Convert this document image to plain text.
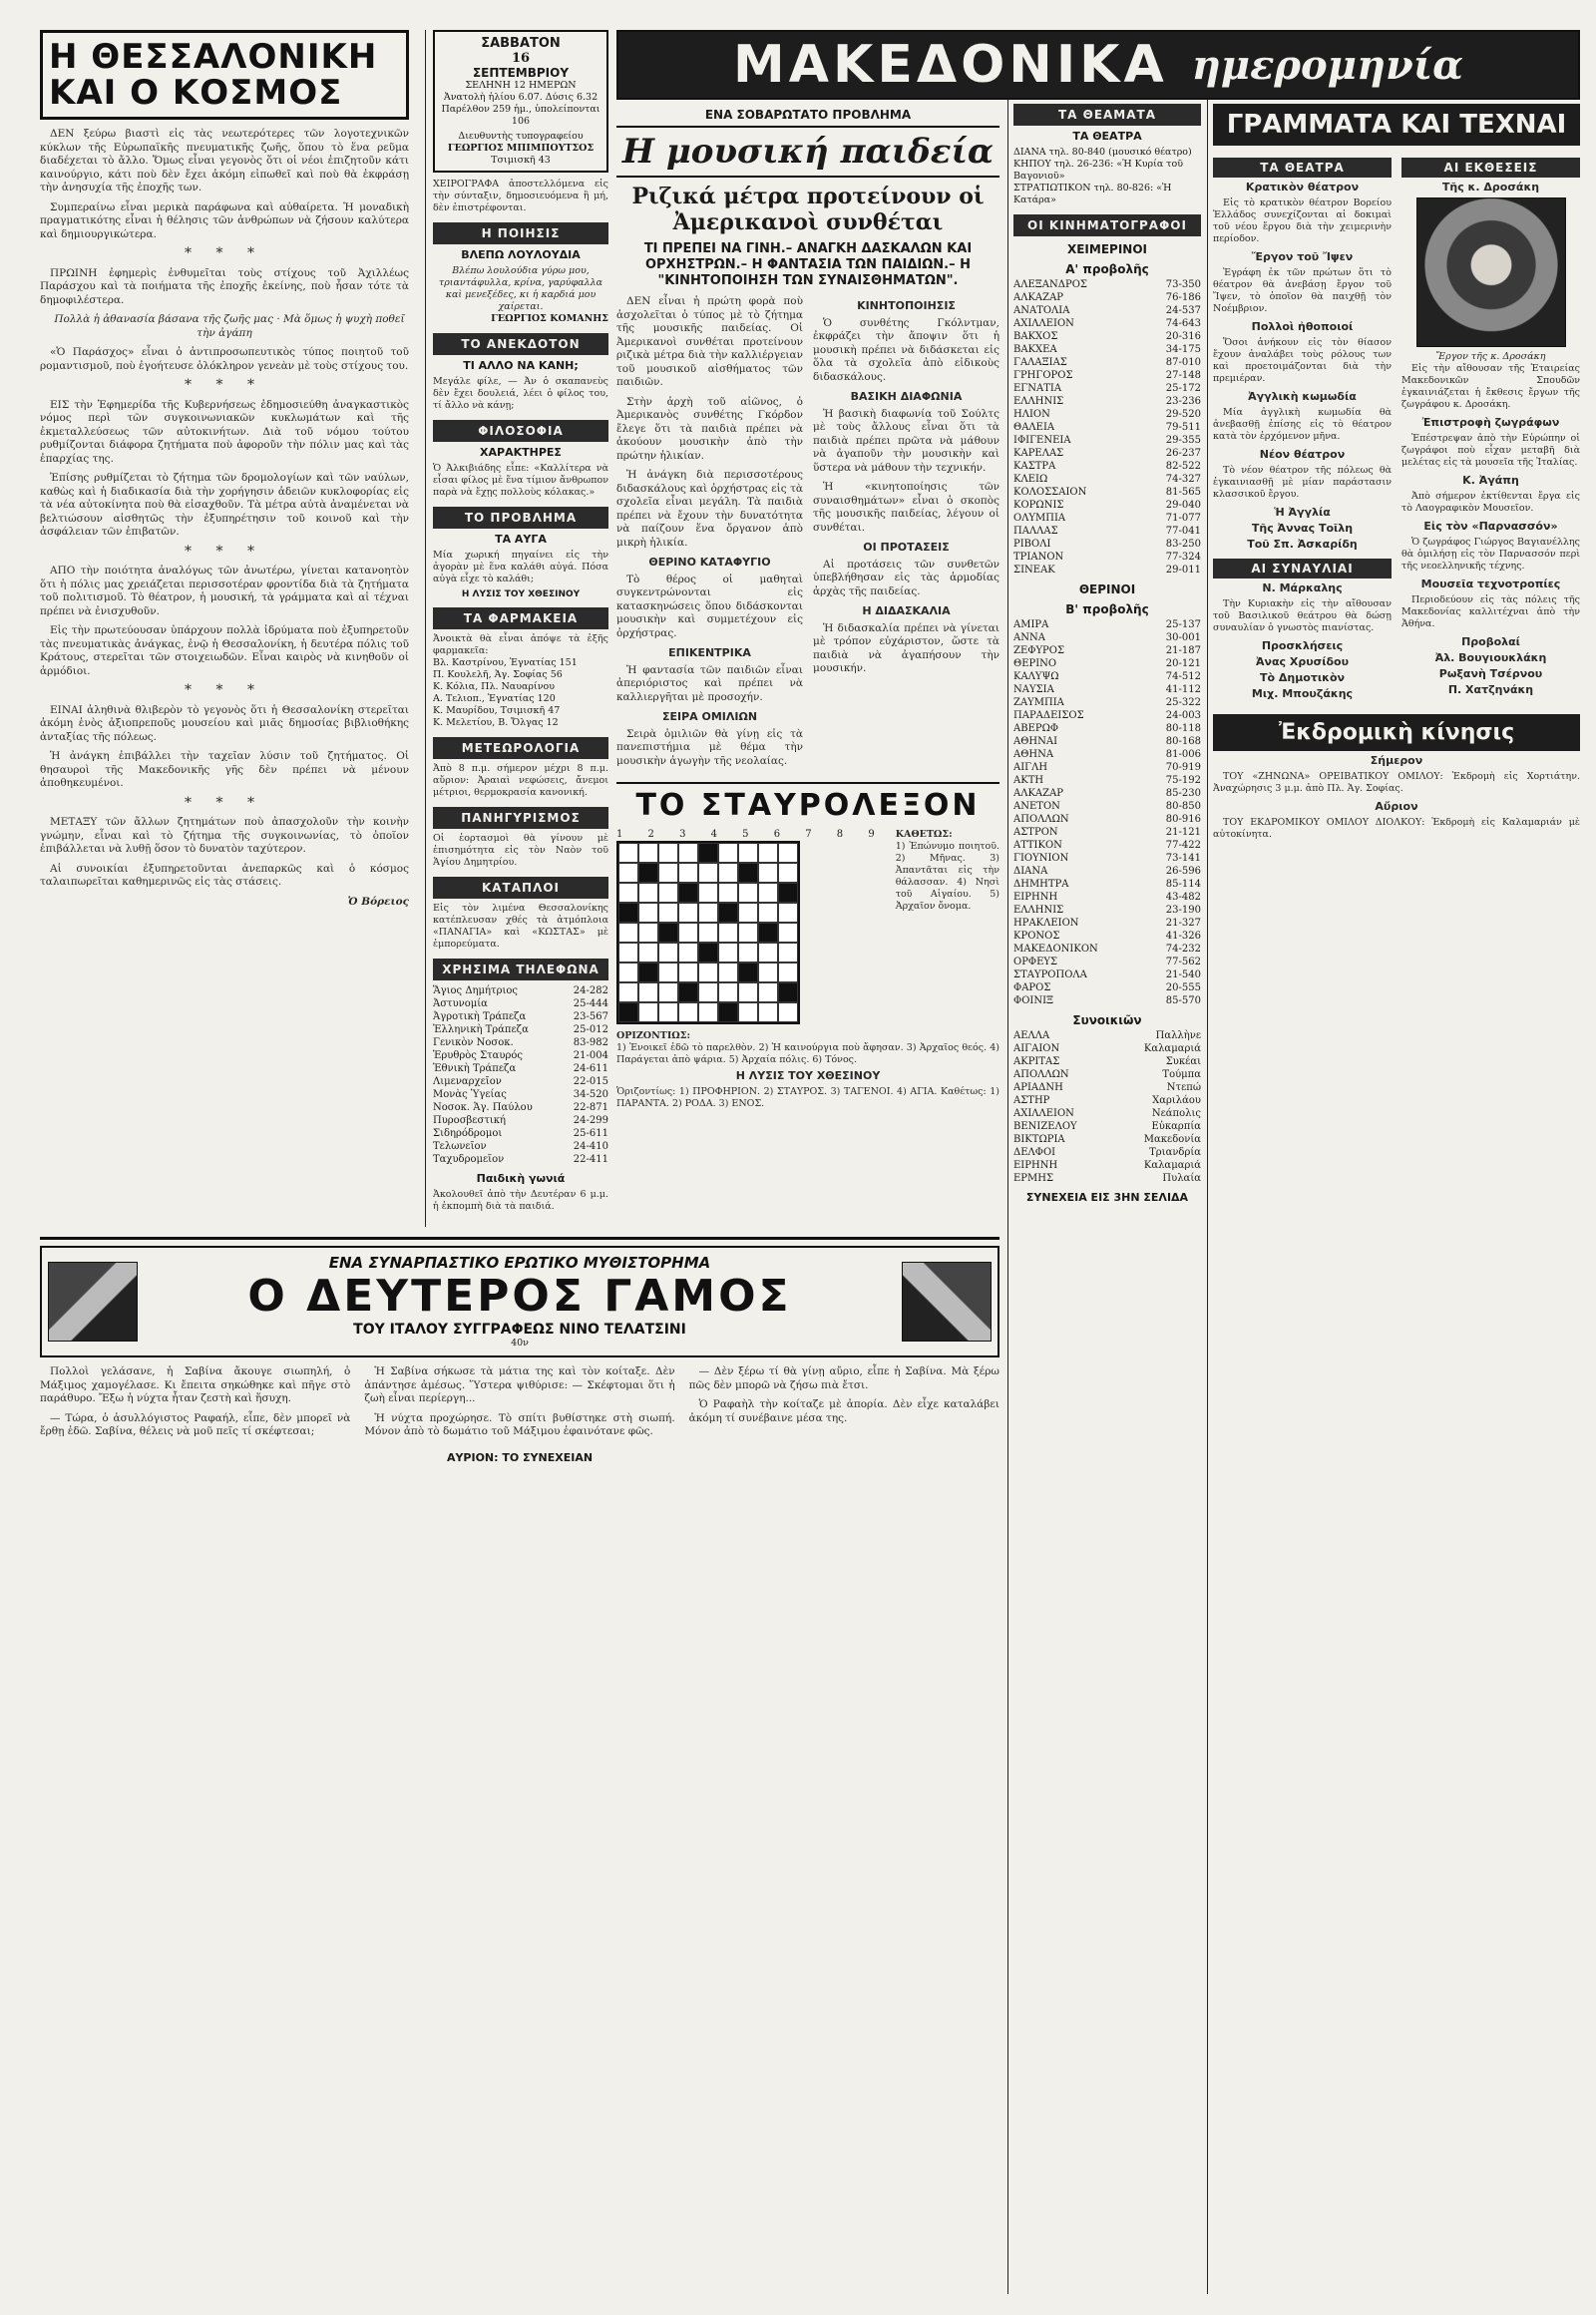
Η ΘΕΣΣΑΛΟΝΙΚΗ ΚΑΙ Ο ΚΟΣΜΟΣ

ΔΕΝ ξεύρω βιαστὶ εἰς τὰς νεωτερότερες τῶν λογοτεχνικῶν κύκλων τῆς Εὐρωπαϊκῆς πνευματικῆς ζωῆς, ὅπου τὸ ἕνα ρεῦμα διαδέχεται τὸ ἄλλο. Ὅμως εἶναι γεγονὸς ὅτι οἱ νέοι ἐπιζητοῦν κάτι καινούργιο, κάτι ποὺ δὲν ἔχει ἀκόμη εἰπωθεῖ καὶ ποὺ θὰ ἐκφράσῃ τὴν ἀνησυχία τῆς ἐποχῆς των.

Συμπεραίνω εἶναι μερικὰ παράφωνα καὶ αὐθαίρετα. Ἡ μοναδικὴ πραγματικότης εἶναι ἡ θέλησις τῶν ἀνθρώπων νὰ ζήσουν καλύτερα καὶ δημιουργικώτερα.

* * *

ΠΡΩΙΝΗ ἐφημερὶς ἐνθυμεῖται τοὺς στίχους τοῦ Ἀχιλλέως Παράσχου καὶ τὰ ποιήματα τῆς ἐποχῆς ἐκείνης, ποὺ ἦσαν τότε τὰ δημοφιλέστερα.

Πολλὰ ἡ ἀθανασία βάσανα τῆς ζωῆς μας · Μὰ ὅμως ἡ ψυχὴ ποθεῖ τὴν ἀγάπη

«Ὁ Παράσχος» εἶναι ὁ ἀντιπροσωπευτικὸς τύπος ποιητοῦ τοῦ ρομαντισμοῦ, ποὺ ἐγοήτευσε ὁλόκληρον γενεὰν μὲ τοὺς στίχους του.

* * *

ΕΙΣ τὴν Ἐφημερίδα τῆς Κυβερνήσεως ἐδημοσιεύθη ἀναγκαστικὸς νόμος περὶ τῶν συγκοινωνιακῶν κυκλωμάτων καὶ τῆς ἐκμεταλλεύσεως τῶν αὐτοκινήτων. Διὰ τοῦ νόμου τούτου ρυθμίζονται διάφορα ζητήματα ποὺ ἀφοροῦν τὴν πόλιν μας καὶ τὰς ἐπαρχίας της.

Ἐπίσης ρυθμίζεται τὸ ζήτημα τῶν δρομολογίων καὶ τῶν ναύλων, καθὼς καὶ ἡ διαδικασία διὰ τὴν χορήγησιν ἀδειῶν κυκλοφορίας εἰς τὰ νέα αὐτοκίνητα ποὺ θὰ εἰσαχθοῦν. Τὰ μέτρα αὐτὰ ἀναμένεται νὰ βελτιώσουν αἰσθητῶς τὴν ἐξυπηρέτησιν τοῦ κοινοῦ καὶ τὴν ἀσφάλειαν τῶν ἐπιβατῶν.

* * *

ΑΠΟ τὴν ποιότητα ἀναλόγως τῶν ἀνωτέρω, γίνεται κατανοητὸν ὅτι ἡ πόλις μας χρειάζεται περισσοτέραν φροντίδα διὰ τὰ ζητήματα τοῦ πολιτισμοῦ. Τὸ θέατρον, ἡ μουσική, τὰ γράμματα καὶ αἱ τέχναι πρέπει νὰ ἐνισχυθοῦν.

Εἰς τὴν πρωτεύουσαν ὑπάρχουν πολλὰ ἱδρύματα ποὺ ἐξυπηρετοῦν τὰς πνευματικὰς ἀνάγκας, ἐνῷ ἡ Θεσσαλονίκη, ἡ δευτέρα πόλις τοῦ Κράτους, στερεῖται τῶν στοιχειωδῶν. Εἶναι καιρὸς νὰ κινηθοῦν οἱ ἁρμόδιοι.

* * *

ΕΙΝΑΙ ἀληθινὰ θλιβερὸν τὸ γεγονὸς ὅτι ἡ Θεσσαλονίκη στερεῖται ἀκόμη ἑνὸς ἀξιοπρεποῦς μουσείου καὶ μιᾶς δημοσίας βιβλιοθήκης ἀνταξίας τῆς πόλεως.

Ἡ ἀνάγκη ἐπιβάλλει τὴν ταχεῖαν λύσιν τοῦ ζητήματος. Οἱ θησαυροὶ τῆς Μακεδονικῆς γῆς δὲν πρέπει νὰ μένουν ἀποθηκευμένοι.

* * *

ΜΕΤΑΞΥ τῶν ἄλλων ζητημάτων ποὺ ἀπασχολοῦν τὴν κοινὴν γνώμην, εἶναι καὶ τὸ ζήτημα τῆς συγκοινωνίας, τὸ ὁποῖον ἐπιβάλλεται νὰ λυθῇ ὅσον τὸ δυνατὸν ταχύτερον.

Αἱ συνοικίαι ἐξυπηρετοῦνται ἀνεπαρκῶς καὶ ὁ κόσμος ταλαιπωρεῖται καθημερινῶς εἰς τὰς στάσεις.

Ὁ Βόρειος
ΣΑΒΒΑΤΟΝ
16
ΣΕΠΤΕΜΒΡΙΟΥ
ΣΕΛΗΝΗ 12 ΗΜΕΡΩΝ
Ἀνατολὴ ἡλίου 6.07. Δύσις 6.32
Παρέλθον 259 ἡμ., ὑπολείπονται 106
Διευθυντὴς τυπογραφείου
ΓΕΩΡΓΙΟΣ ΜΠΙΜΠΟΥΤΣΟΣ
Τσιμισκῆ 43
ΧΕΙΡΟΓΡΑΦΑ ἀποστελλόμενα εἰς τὴν σύνταξιν, δημοσιευόμενα ἢ μή, δὲν ἐπιστρέφονται.
Η ΠΟΙΗΣΙΣ
ΒΛΕΠΩ ΛΟΥΛΟΥΔΙΑ
Βλέπω λουλούδια γύρω μου, τριαντάφυλλα, κρίνα, γαρύφαλλα καὶ μενεξέδες, κι ἡ καρδιά μου χαίρεται.
ΓΕΩΡΓΙΟΣ ΚΟΜΑΝΗΣ
ΤΟ ΑΝΕΚΔΟΤΟΝ
ΤΙ ΑΛΛΟ ΝΑ ΚΑΝΗ;
Μεγάλε φίλε, — Ἀν ὁ σκαπανεὺς δὲν ἔχει δουλειά, λέει ὁ φίλος του, τί ἄλλο νὰ κάνῃ;
ΦΙΛΟΣΟΦΙΑ
ΧΑΡΑΚΤΗΡΕΣ
Ὁ Ἀλκιβιάδης εἶπε: «Καλλίτερα νὰ εἶσαι φίλος μὲ ἕνα τίμιον ἄνθρωπον παρὰ νὰ ἔχῃς πολλοὺς κόλακας.»
ΤΟ ΠΡΟΒΛΗΜΑ
ΤΑ ΑΥΓΑ
Μία χωρική πηγαίνει εἰς τὴν ἀγορὰν μὲ ἕνα καλάθι αὐγά. Πόσα αὐγὰ εἶχε τὸ καλάθι;
Η ΛΥΣΙΣ ΤΟΥ ΧΘΕΣΙΝΟΥ
ΤΑ ΦΑΡΜΑΚΕΙΑ
Ἀνοικτὰ θὰ εἶναι ἀπόψε τὰ ἑξῆς φαρμακεῖα:
Βλ. Καστρίνου, Ἐγνατίας 151
Π. Κουλελῆ, Ἁγ. Σοφίας 56
Κ. Κόλια, Πλ. Ναυαρίνου
Α. Τελιοπ., Ἐγνατίας 120
Κ. Μαυρίδου, Τσιμισκῆ 47
Κ. Μελετίου, Β. Ὄλγας 12
ΜΕΤΕΩΡΟΛΟΓΙΑ
Ἀπὸ 8 π.μ. σήμερον μέχρι 8 π.μ. αὔριον: Ἀραιαὶ νεφώσεις, ἄνεμοι μέτριοι, θερμοκρασία κανονική.
ΠΑΝΗΓΥΡΙΣΜΟΣ
Οἱ ἑορτασμοὶ θὰ γίνουν μὲ ἐπισημότητα εἰς τὸν Ναὸν τοῦ Ἁγίου Δημητρίου.
ΚΑΤΑΠΛΟΙ
Εἰς τὸν λιμένα Θεσσαλονίκης κατέπλευσαν χθές τὰ ἀτμόπλοια «ΠΑΝΑΓΙΑ» καὶ «ΚΩΣΤΑΣ» μὲ ἐμπορεύματα.
ΧΡΗΣΙΜΑ ΤΗΛΕΦΩΝΑ
Ἅγιος Δημήτριος	24-282
Ἀστυνομία	25-444
Ἀγροτικὴ Τράπεζα	23-567
Ἐλληνικὴ Τράπεζα	25-012
Γενικὸν Νοσοκ.	83-982
Ἑρυθρὸς Σταυρός	21-004
Ἐθνικὴ Τράπεζα	24-611
Λιμεναρχεῖον	22-015
Μονὰς Ὑγείας	34-520
Νοσοκ. Ἁγ. Παύλου	22-871
Πυροσβεστική	24-299
Σιδηρόδρομοι	25-611
Τελωνεῖον	24-410
Ταχυδρομεῖον	22-411
Παιδικὴ γωνιά
Ἀκολουθεῖ ἀπὸ τὴν Δευτέραν 6 μ.μ. ἡ ἐκπομπὴ διὰ τὰ παιδιά.
ΜΑΚΕΔΟΝΙΚΑ ημερομηνία
ΕΝΑ ΣΟΒΑΡΩΤΑΤΟ ΠΡΟΒΛΗΜΑ
Η μουσική παιδεία
Ριζικά μέτρα προτείνουν οἱ Ἀμερικανοὶ συνθέται
ΤΙ ΠΡΕΠΕΙ ΝΑ ΓΙΝΗ.– ΑΝΑΓΚΗ ΔΑΣΚΑΛΩΝ ΚΑΙ ΟΡΧΗΣΤΡΩΝ.– Η ΦΑΝΤΑΣΙΑ ΤΩΝ ΠΑΙΔΙΩΝ.– Η "ΚΙΝΗΤΟΠΟΙΗΣΗ ΤΩΝ ΣΥΝΑΙΣΘΗΜΑΤΩΝ".

ΔΕΝ εἶναι ἡ πρώτη φορὰ ποὺ ἀσχολεῖται ὁ τύπος μὲ τὸ ζήτημα τῆς μουσικῆς παιδείας. Οἱ Ἀμερικανοὶ συνθέται προτείνουν ριζικὰ μέτρα διὰ τὴν καλλιέργειαν τοῦ μουσικοῦ αἰσθήματος τῶν παιδιῶν.

Στὴν ἀρχὴ τοῦ αἰῶνος, ὁ Ἀμερικανὸς συνθέτης Γκόρδον ἔλεγε ὅτι τὰ παιδιὰ πρέπει νὰ ἀκούουν μουσικὴν ἀπὸ τὴν πρώτην ἡλικίαν.

Ἡ ἀνάγκη διὰ περισσοτέρους διδασκάλους καὶ ὀρχήστρας εἰς τὰ σχολεῖα εἶναι μεγάλη. Τὰ παιδιὰ πρέπει νὰ ἔχουν τὴν δυνατότητα νὰ παίζουν ἕνα ὄργανον ἀπὸ μικρὴ ἡλικία.

ΘΕΡΙΝΟ ΚΑΤΑΦΥΓΙΟ

Τὸ θέρος οἱ μαθηταὶ συγκεντρώνονται εἰς κατασκηνώσεις ὅπου διδάσκονται μουσικὴν καὶ συμμετέχουν εἰς ὀρχήστρας.

ΕΠΙΚΕΝΤΡΙΚΑ

Ἡ φαντασία τῶν παιδιῶν εἶναι ἀπεριόριστος καὶ πρέπει νὰ καλλιεργῆται μὲ προσοχήν.

ΣΕΙΡΑ ΟΜΙΛΙΩΝ

Σειρὰ ὁμιλιῶν θὰ γίνῃ εἰς τὰ πανεπιστήμια μὲ θέμα τὴν μουσικὴν ἀγωγὴν τῆς νεολαίας.

ΚΙΝΗΤΟΠΟΙΗΣΙΣ

Ὁ συνθέτης Γκόλντμαν, ἐκφράζει τὴν ἄποψιν ὅτι ἡ μουσικὴ πρέπει νὰ διδάσκεται εἰς ὅλα τὰ σχολεῖα ἀπὸ εἰδικοὺς διδασκάλους.

ΒΑΣΙΚΗ ΔΙΑΦΩΝΙΑ

Ἡ βασικὴ διαφωνία τοῦ Σούλτς μὲ τοὺς ἄλλους εἶναι ὅτι τὰ παιδιὰ πρέπει πρῶτα νὰ μάθουν νὰ ἀγαποῦν τὴν μουσικὴν καὶ ὕστερα νὰ μάθουν τὴν τεχνικήν.

Ἡ «κινητοποίησις τῶν συναισθημάτων» εἶναι ὁ σκοπὸς τῆς μουσικῆς παιδείας, λέγουν οἱ συνθέται.

ΟΙ ΠΡΟΤΑΣΕΙΣ

Αἱ προτάσεις τῶν συνθετῶν ὑπεβλήθησαν εἰς τὰς ἁρμοδίας ἀρχὰς τῆς παιδείας.

Η ΔΙΔΑΣΚΑΛΙΑ

Ἡ διδασκαλία πρέπει νὰ γίνεται μὲ τρόπον εὐχάριστον, ὥστε τὰ παιδιὰ νὰ ἀγαπήσουν τὴν μουσικήν.

ΤΟ ΣΤΑΥΡΟΛΕΞΟΝ
1 2 3 4 5 6 7 8 9 ΚΑΘΕΤΩΣ:
1) Ἐπώνυμο ποιητοῦ. 2) Μῆνας. 3) Ἀπαντᾶται εἰς τὴν θάλασσαν. 4) Νησὶ τοῦ Αἰγαίου. 5) Ἀρχαῖον ὄνομα.
ΟΡΙΖΟΝΤΙΩΣ:
1) Ἐνοικεῖ ἐδῶ τὸ παρελθὸν. 2) Ἡ καινούργια ποὺ ἄφησαν. 3) Ἀρχαῖος θεός. 4) Παράγεται ἀπὸ ψάρια. 5) Ἀρχαία πόλις. 6) Τόνος.
Η ΛΥΣΙΣ ΤΟΥ ΧΘΕΣΙΝΟΥ
Ὁριζοντίως: 1) ΠΡΟΦΗΡΙΟΝ. 2) ΣΤΑΥΡΟΣ. 3) ΤΑΓΕΝΟΙ. 4) ΑΓΙΑ. Καθέτως: 1) ΠΑΡΑΝΤΑ. 2) ΡΟΔΑ. 3) ΕΝΟΣ.
ΤΑ ΘΕΑΜΑΤΑ
ΤΑ ΘΕΑΤΡΑ
ΔΙΑΝΑ τηλ. 80-840 (μουσικό θέατρο)
ΚΗΠΟΥ τηλ. 26-236: «Ἡ Κυρία τοῦ Βαγονιοῦ»
ΣΤΡΑΤΙΩΤΙΚΟΝ τηλ. 80-826: «Ἡ Κατάρα»
ΟΙ ΚΙΝΗΜΑΤΟΓΡΑΦΟΙ
ΧΕΙΜΕΡΙΝΟΙ
Α' προβολῆς
ΑΛΕΞΑΝΔΡΟΣ	73-350
ΑΛΚΑΖΑΡ	76-186
ΑΝΑΤΟΛΙΑ	24-537
ΑΧΙΛΛΕΙΟΝ	74-643
ΒΑΚΧΟΣ	20-316
ΒΑΚΧΕΑ	34-175
ΓΑΛΑΞΙΑΣ	87-010
ΓΡΗΓΟΡΟΣ	27-148
ΕΓΝΑΤΙΑ	25-172
ΕΛΛΗΝΙΣ	23-236
ΗΛΙΟΝ	29-520
ΘΑΛΕΙΑ	79-511
ΙΦΙΓΕΝΕΙΑ	29-355
ΚΑΡΕΛΑΣ	26-237
ΚΑΣΤΡΑ	82-522
ΚΛΕΙΩ	74-327
ΚΟΛΟΣΣΑΙΟΝ	81-565
ΚΟΡΩΝΙΣ	29-040
ΟΛΥΜΠΙΑ	71-077
ΠΑΛΛΑΣ	77-041
ΡΙΒΟΛΙ	83-250
ΤΡΙΑΝΟΝ	77-324
ΣΙΝΕΑΚ	29-011
ΘΕΡΙΝΟΙ
Β' προβολῆς
ΑΜΙΡΑ	25-137
ΑΝΝΑ	30-001
ΖΕΦΥΡΟΣ	21-187
ΘΕΡΙΝΟ	20-121
ΚΑΛΥΨΩ	74-512
ΝΑΥΣΙΑ	41-112
ΖΑΥΜΠΙΑ	25-322
ΠΑΡΑΔΕΙΣΟΣ	24-003
ΑΒΕΡΩΦ	80-118
ΑΘΗΝΑΙ	80-168
ΑΘΗΝΑ	81-006
ΑΙΓΛΗ	70-919
ΑΚΤΗ	75-192
ΑΛΚΑΖΑΡ	85-230
ΑΝΕΤΟΝ	80-850
ΑΠΟΛΛΩΝ	80-916
ΑΣΤΡΟΝ	21-121
ΑΤΤΙΚΟΝ	77-422
ΓΙΟΥΝΙΟΝ	73-141
ΔΙΑΝΑ	26-596
ΔΗΜΗΤΡΑ	85-114
ΕΙΡΗΝΗ	43-482
ΕΛΛΗΝΙΣ	23-190
ΗΡΑΚΛΕΙΟΝ	21-327
ΚΡΟΝΟΣ	41-326
ΜΑΚΕΔΟΝΙΚΟΝ	74-232
ΟΡΦΕΥΣ	77-562
ΣΤΑΥΡΟΠΟΛΑ	21-540
ΦΑΡΟΣ	20-555
ΦΟΙΝΙΞ	85-570
Συνοικιῶν
ΑΕΛΛΑ	Παλλὴνε
ΑΙΓΑΙΟΝ	Καλαμαριά
ΑΚΡΙΤΑΣ	Συκέαι
ΑΠΟΛΛΩΝ	Τούμπα
ΑΡΙΑΔΝΗ	Ντεπώ
ΑΣΤΗΡ	Χαριλάου
ΑΧΙΛΛΕΙΟΝ	Νεάπολις
ΒΕΝΙΖΕΛΟΥ	Εὐκαρπία
ΒΙΚΤΩΡΙΑ	Μακεδονία
ΔΕΛΦΟΙ	Τριανδρία
ΕΙΡΗΝΗ	Καλαμαριά
ΕΡΜΗΣ	Πυλαία
ΣΥΝΕΧΕΙΑ ΕΙΣ 3ΗΝ ΣΕΛΙΔΑ
ΓΡΑΜΜΑΤΑ ΚΑΙ ΤΕΧΝΑΙ
ΤΑ ΘΕΑΤΡΑ
Κρατικὸν θέατρον

Εἰς τὸ κρατικὸν θέατρον Βορείου Ἑλλάδος συνεχίζονται αἱ δοκιμαὶ τοῦ νέου ἔργου διὰ τὴν χειμερινὴν περίοδον.

Ἔργον τοῦ Ἴψεν

Ἐγράφη ἐκ τῶν πρώτων ὅτι τὸ θέατρον θὰ ἀνεβάσῃ ἔργον τοῦ Ἴψεν, τὸ ὁποῖον θὰ παιχθῇ τὸν Νοέμβριον.

Πολλοὶ ἠθοποιοί

Ὅσοι ἀνήκουν εἰς τὸν θίασον ἔχουν ἀναλάβει τοὺς ρόλους των καὶ προετοιμάζονται διὰ τὴν πρεμιέραν.

Ἀγγλικὴ κωμωδία

Μία ἀγγλικὴ κωμωδία θὰ ἀνεβασθῇ ἐπίσης εἰς τὸ θέατρον κατὰ τὸν ἐρχόμενον μῆνα.

Νέον θέατρον

Τὸ νέον θέατρον τῆς πόλεως θὰ ἐγκαινιασθῇ μὲ μίαν παράστασιν κλασσικοῦ ἔργου.

Ἡ Ἀγγλία
Τῆς Ἀννας Τοῖλη
Τοῦ Σπ. Ἀσκαρίδη
ΑΙ ΣΥΝΑΥΛΙΑΙ
Ν. Μάρκαλης

Τὴν Κυριακὴν εἰς τὴν αἴθουσαν τοῦ Βασιλικοῦ θεάτρου θὰ δώσῃ συναυλίαν ὁ γνωστὸς πιανίστας.

Προσκλήσεις
Ἀνας Χρυσίδου
Τὸ Δημοτικὸν
Μιχ. Μπουζάκης
ΑΙ ΕΚΘΕΣΕΙΣ
Τῆς κ. Δροσάκη
Ἔργον τῆς κ. Δροσάκη

Εἰς τὴν αἴθουσαν τῆς Ἑταιρείας Μακεδονικῶν Σπουδῶν ἐγκαινιάζεται ἡ ἔκθεσις ἔργων τῆς ζωγράφου κ. Δροσάκη.

Ἐπιστροφὴ ζωγράφων

Ἐπέστρεψαν ἀπὸ τὴν Εὐρώπην οἱ ζωγράφοι ποὺ εἶχαν μεταβῆ διὰ μελέτας εἰς τὰ μουσεῖα τῆς Ἰταλίας.

Κ. Ἀγάπη

Ἀπὸ σήμερον ἐκτίθενται ἔργα εἰς τὸ Λαογραφικὸν Μουσεῖον.

Εἰς τὸν «Παρνασσόν»

Ὁ ζωγράφος Γιώργος Βαγιανέλλης θὰ ὁμιλήσῃ εἰς τὸν Παρνασσόν περὶ τῆς νεοελληνικῆς τέχνης.

Μουσεῖα τεχνοτροπίες

Περιοδεύουν εἰς τὰς πόλεις τῆς Μακεδονίας καλλιτέχναι ἀπὸ τὴν Ἀθήνα.

Προβολαί
Ἀλ. Βουγιουκλάκη
Ρωξανὴ Τσέρνου
Π. Χατζηνάκη
Ἐκδρομικὴ κίνησις
Σήμερον

ΤΟΥ «ΖΗΝΩΝΑ» ΟΡΕΙΒΑΤΙΚΟΥ ΟΜΙΛΟΥ: Ἐκδρομὴ εἰς Χορτιάτην. Ἀναχώρησις 3 μ.μ. ἀπὸ Πλ. Ἁγ. Σοφίας.

Αὔριον

ΤΟΥ ΕΚΔΡΟΜΙΚΟΥ ΟΜΙΛΟΥ ΔΙΟΛΚΟΥ: Ἐκδρομὴ εἰς Καλαμαριάν μὲ αὐτοκίνητα.

ΕΝΑ ΣΥΝΑΡΠΑΣΤΙΚΟ ΕΡΩΤΙΚΟ ΜΥΘΙΣΤΟΡΗΜΑ
Ο ΔΕΥΤΕΡΟΣ ΓΑΜΟΣ
ΤΟΥ ΙΤΑΛΟΥ ΣΥΓΓΡΑΦΕΩΣ ΝΙΝΟ ΤΕΛΑΤΣΙΝΙ
40ν

Πολλοὶ γελάσανε, ἡ Σαβίνα ἄκουγε σιωπηλή, ὁ Μάξιμος χαμογέλασε. Κι ἔπειτα σηκώθηκε καὶ πῆγε στὸ παράθυρο. Ἔξω ἡ νύχτα ἦταν ζεστὴ καὶ ἥσυχη.

— Τώρα, ὁ ἀσυλλόγιστος Ραφαήλ, εἶπε, δὲν μπορεῖ νὰ ἔρθῃ ἐδῶ. Σαβίνα, θέλεις νὰ μοῦ πεῖς τί σκέφτεσαι;

Ἡ Σαβίνα σήκωσε τὰ μάτια της καὶ τὸν κοίταξε. Δὲν ἀπάντησε ἀμέσως. Ὕστερα ψιθύρισε: — Σκέφτομαι ὅτι ἡ ζωὴ εἶναι περίεργη...

Ἡ νύχτα προχώρησε. Τὸ σπίτι βυθίστηκε στὴ σιωπή. Μόνον ἀπὸ τὸ δωμάτιο τοῦ Μάξιμου ἐφαινότανε φῶς.

— Δὲν ξέρω τί θὰ γίνῃ αὔριο, εἶπε ἡ Σαβίνα. Μὰ ξέρω πῶς δὲν μπορῶ νὰ ζήσω πιὰ ἔτσι.

Ὁ Ραφαὴλ τὴν κοίταζε μὲ ἀπορία. Δὲν εἶχε καταλάβει ἀκόμη τί συνέβαινε μέσα της.

ΑΥΡΙΟΝ: ΤΟ ΣΥΝΕΧΕΙΑΝ
